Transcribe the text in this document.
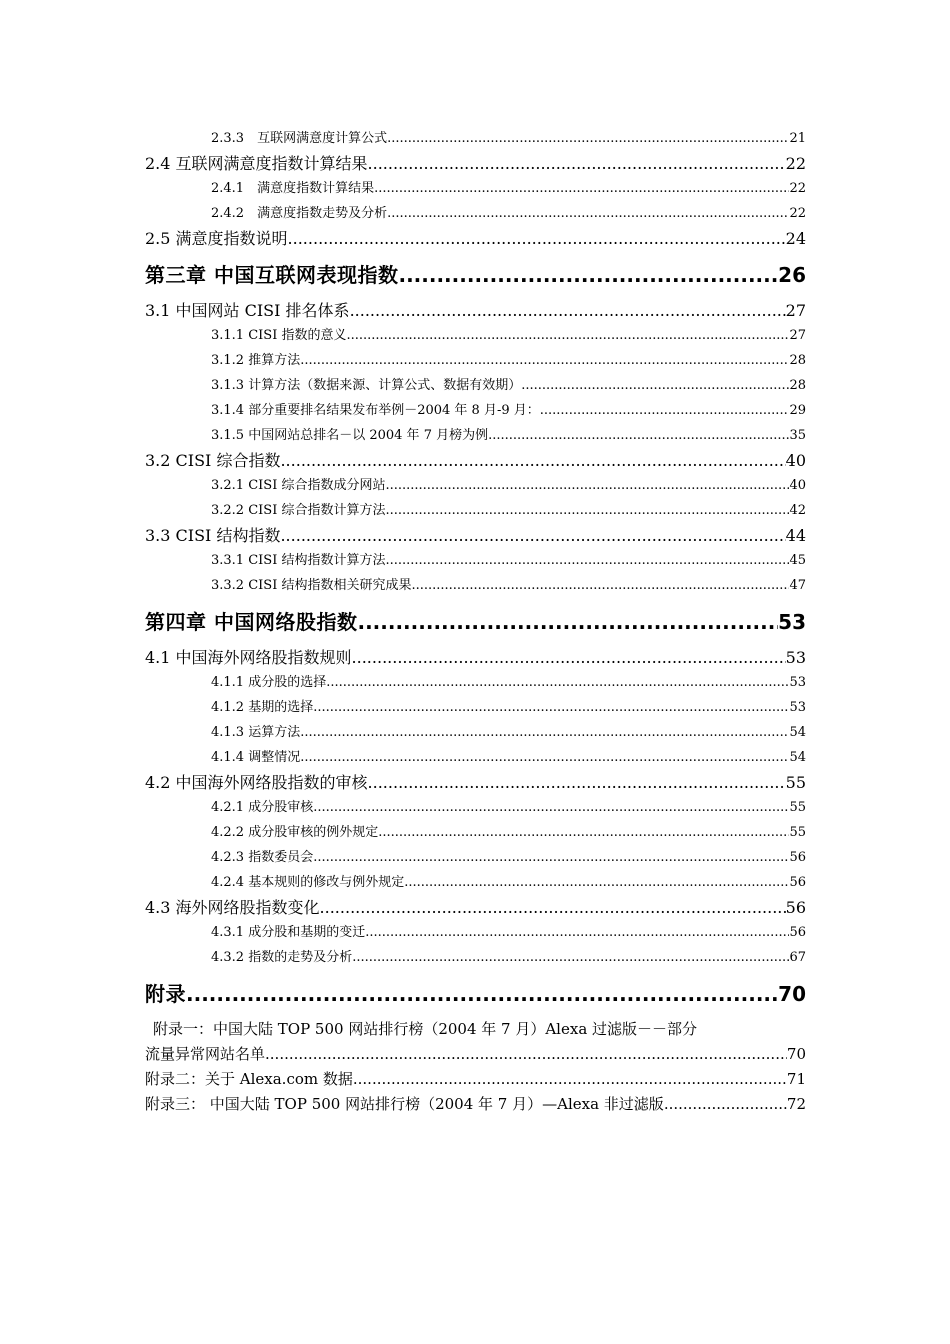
2.3.3　互联网满意度计算公式 .....	21
2.4 互联网满意度指数计算结果 .....	22
2.4.1　满意度指数计算结果 .....	22
2.4.2　满意度指数走势及分析 .....	22
2.5 满意度指数说明 .....	24
第三章 中国互联网表现指数 .....	26
3.1 中国网站 CISI 排名体系 .....	27
3.1.1 CISI 指数的意义 .....	27
3.1.2 推算方法 .....	28
3.1.3 计算方法（数据来源、计算公式、数据有效期） .....	28
3.1.4 部分重要排名结果发布举例－2004 年 8 月-9 月： .....	29
3.1.5 中国网站总排名－以 2004 年 7 月榜为例 .....	35
3.2 CISI 综合指数 .....	40
3.2.1 CISI 综合指数成分网站 .....	40
3.2.2 CISI 综合指数计算方法 .....	42
3.3 CISI 结构指数 .....	44
3.3.1 CISI 结构指数计算方法 .....	45
3.3.2 CISI 结构指数相关研究成果 .....	47
第四章 中国网络股指数 .....	53
4.1 中国海外网络股指数规则 .....	53
4.1.1 成分股的选择 .....	53
4.1.2 基期的选择 .....	53
4.1.3 运算方法 .....	54
4.1.4 调整情况 .....	54
4.2 中国海外网络股指数的审核 .....	55
4.2.1 成分股审核 .....	55
4.2.2 成分股审核的例外规定 .....	55
4.2.3 指数委员会 .....	56
4.2.4 基本规则的修改与例外规定 .....	56
4.3 海外网络股指数变化 .....	56
4.3.1 成分股和基期的变迁 .....	56
4.3.2 指数的走势及分析 .....	67
附录 .....	70
附录一：中国大陆 TOP 500 网站排行榜（2004 年 7 月）Alexa 过滤版－－部分
流量异常网站名单 .....	70
附录二：关于 Alexa.com 数据 .....	71
附录三： 中国大陆 TOP 500 网站排行榜（2004 年 7 月）—Alexa 非过滤版 .....	72
